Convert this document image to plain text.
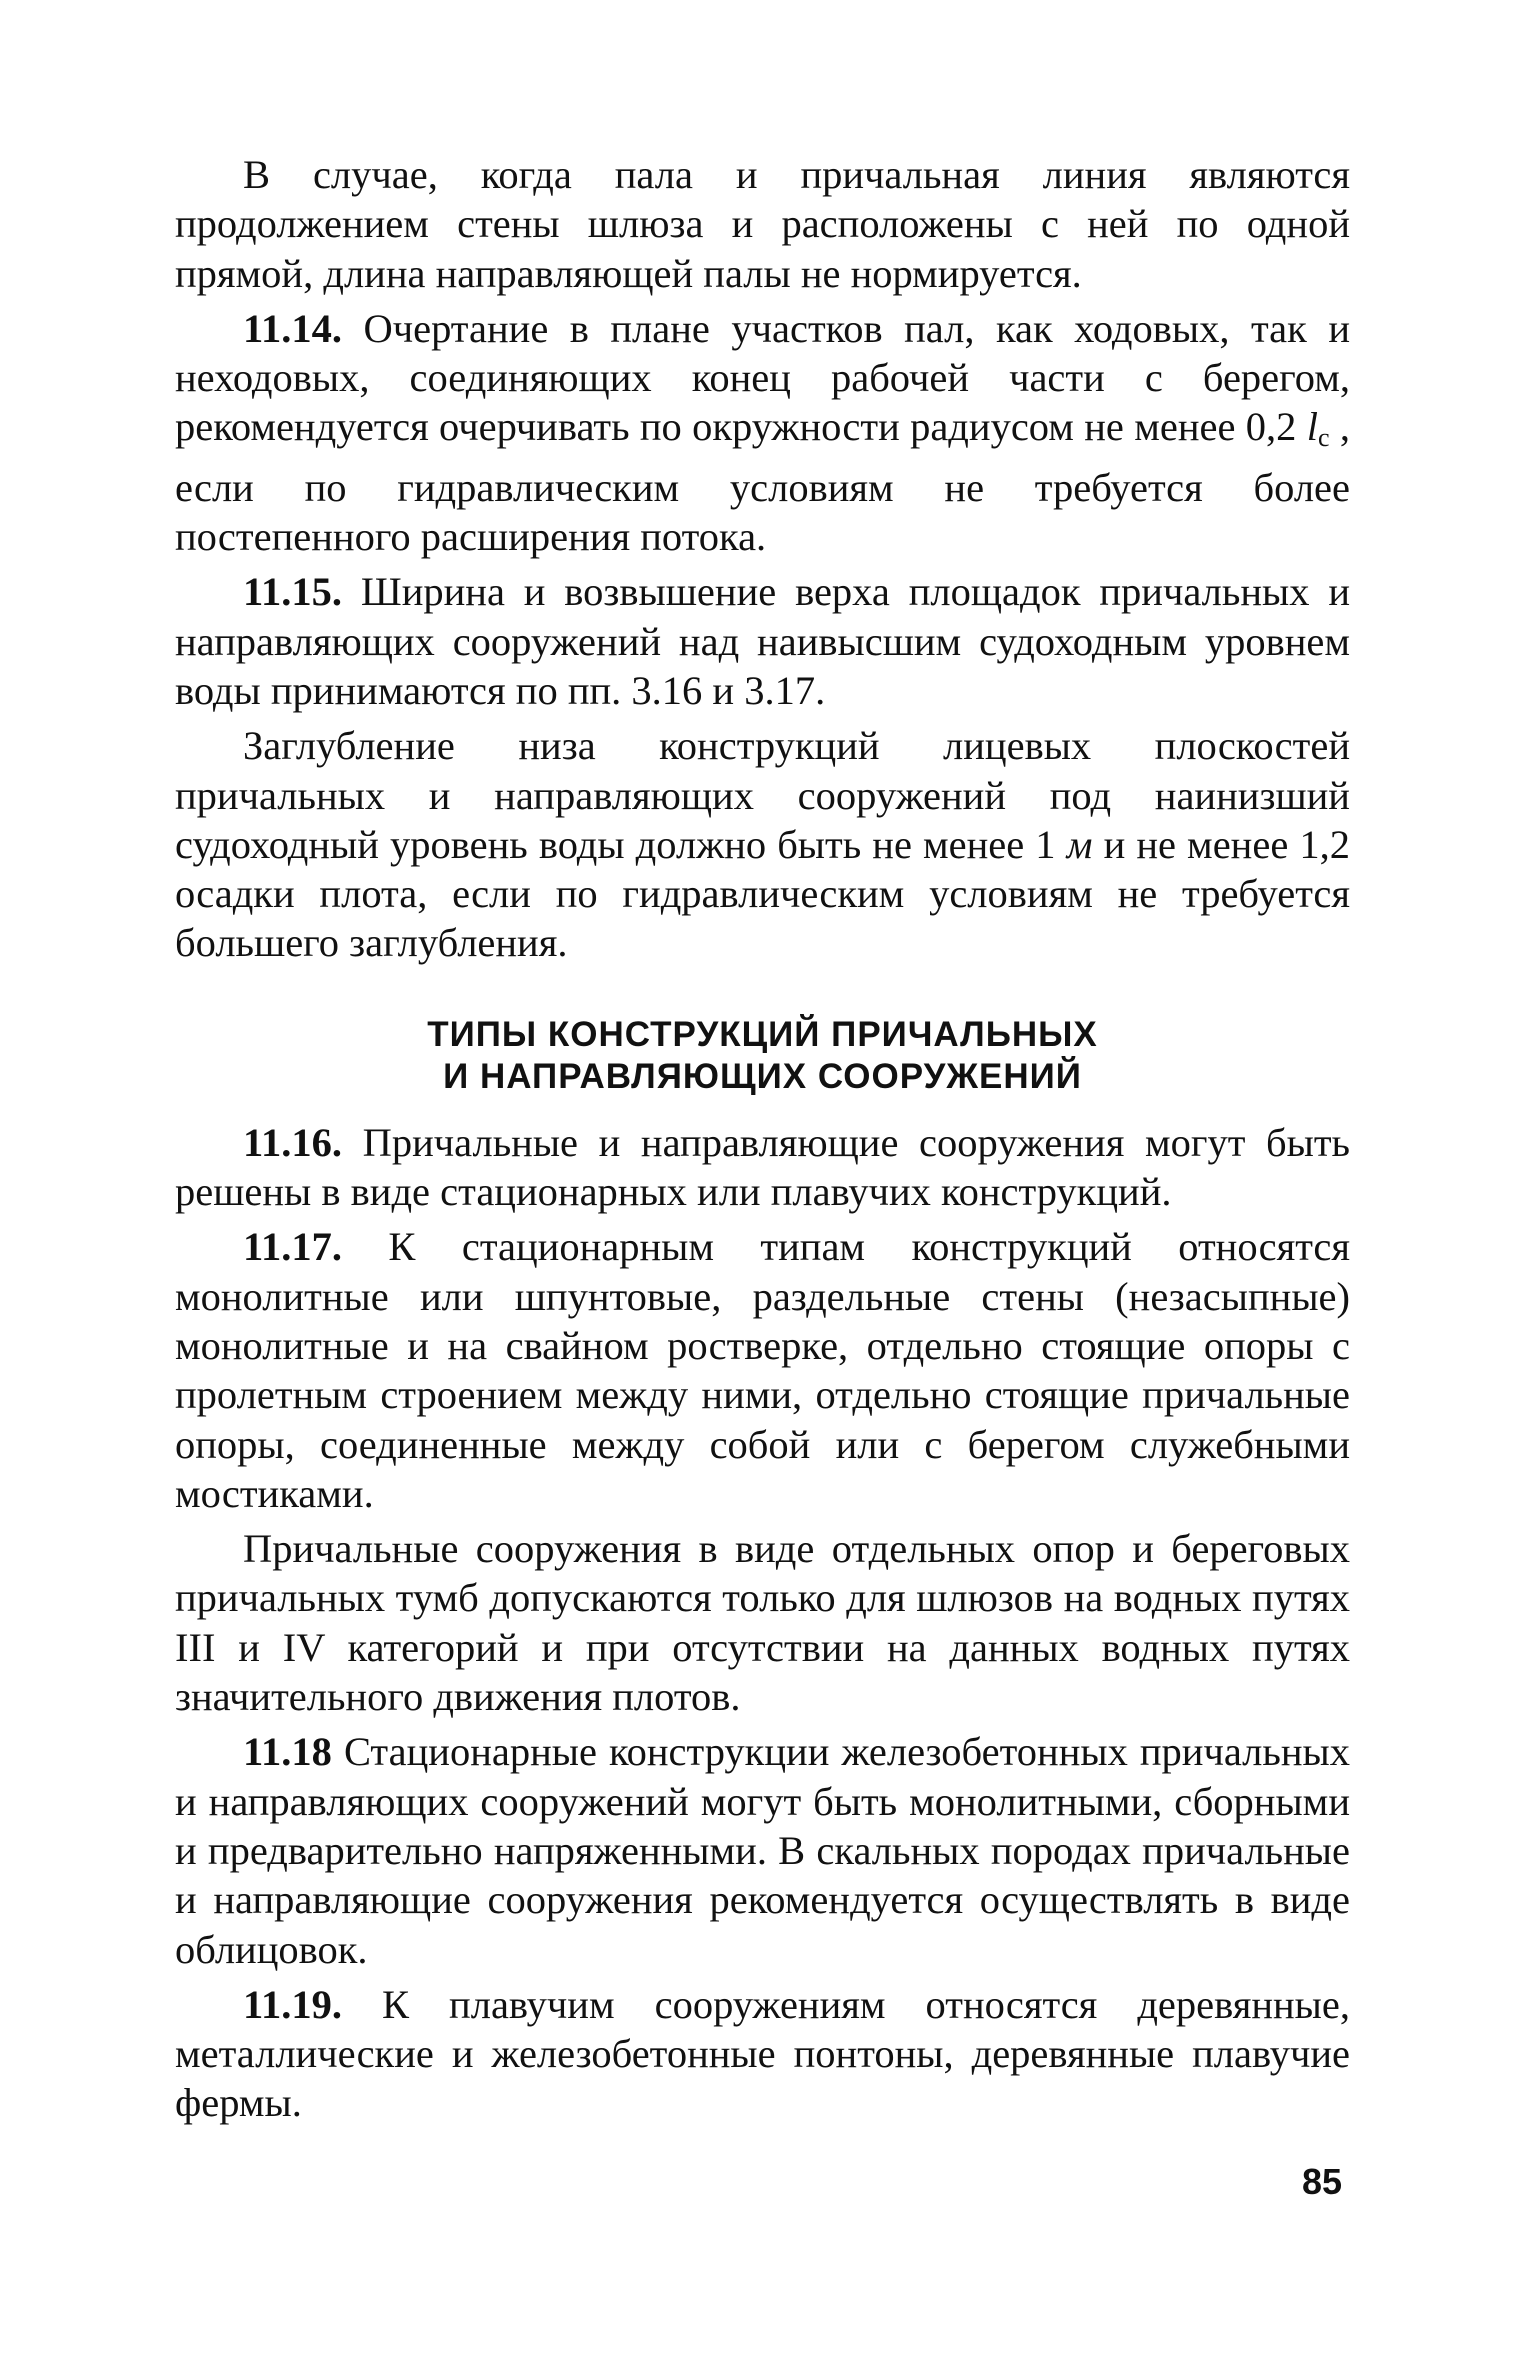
В случае, когда пала и причальная линия являются продолжением стены шлюза и расположены с ней по одной прямой, длина направляющей палы не нормируется.

11.14. Очертание в плане участков пал, как ходовых, так и неходовых, соединяющих конец рабочей части с берегом, рекомендуется очерчивать по окружности радиусом не менее 0,2 $l_с$ , если по гидравлическим условиям не требуется более постепенного расширения потока.

11.15. Ширина и возвышение верха площадок причальных и направляющих сооружений над наивысшим судоходным уровнем воды принимаются по пп. 3.16 и 3.17.

Заглубление низа конструкций лицевых плоскостей причальных и направляющих сооружений под наинизший судоходный уровень воды должно быть не менее 1 м и не менее 1,2 осадки плота, если по гидравлическим условиям не требуется большего заглубления.

ТИПЫ КОНСТРУКЦИЙ ПРИЧАЛЬНЫХ
И НАПРАВЛЯЮЩИХ СООРУЖЕНИЙ

11.16. Причальные и направляющие сооружения могут быть решены в виде стационарных или плавучих конструкций.

11.17. К стационарным типам конструкций относятся монолитные или шпунтовые, раздельные стены (незасыпные) монолитные и на свайном ростверке, отдельно стоящие опоры с пролетным строением между ними, отдельно стоящие причальные опоры, соединенные между собой или с берегом служебными мостиками.

Причальные сооружения в виде отдельных опор и береговых причальных тумб допускаются только для шлюзов на водных путях III и IV категорий и при отсутствии на данных водных путях значительного движения плотов.

11.18 Стационарные конструкции железобетонных причальных и направляющих сооружений могут быть монолитными, сборными и предварительно напряженными. В скальных породах причальные и направляющие сооружения рекомендуется осуществлять в виде облицовок.

11.19. К плавучим сооружениям относятся деревянные, металлические и железобетонные понтоны, деревянные плавучие фермы.

85
